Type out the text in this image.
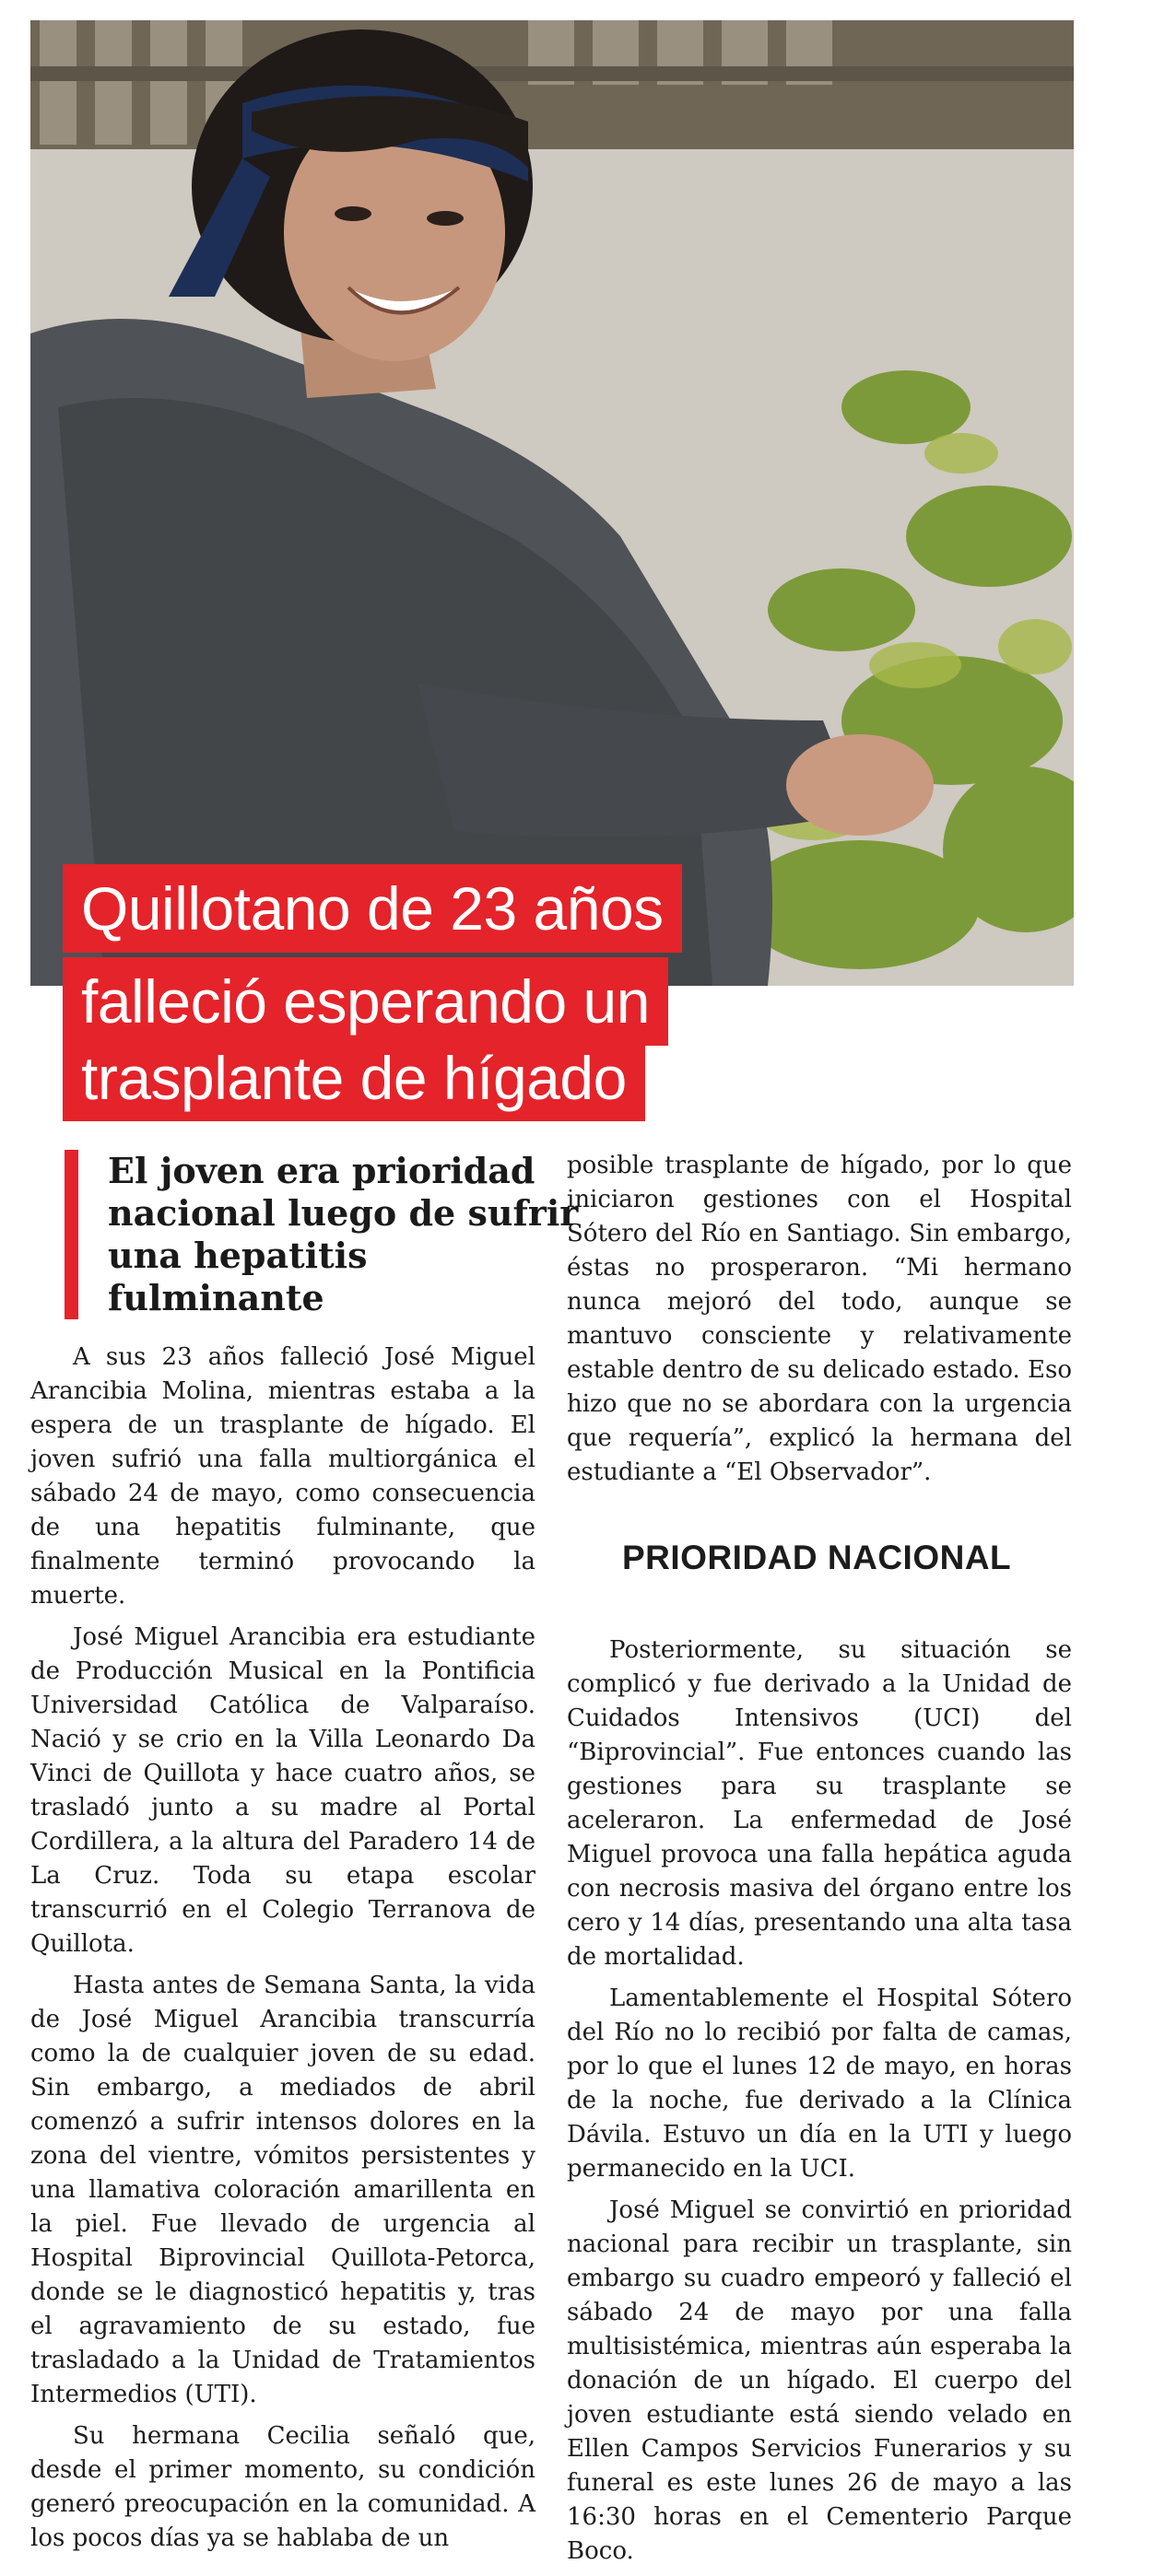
Quillotano de 23 años
falleció esperando un
trasplante de hígado
El joven era prioridad nacional luego de sufrir una hepatitis fulminante

A sus 23 años falleció José Miguel Arancibia Molina, mientras estaba a la espera de un trasplante de hígado. El joven sufrió una falla multiorgánica el sábado 24 de mayo, como consecuencia de una hepatitis fulminante, que finalmente terminó provocando la muerte.

José Miguel Arancibia era estudiante de Producción Musical en la Pontificia Universidad Católica de Valparaíso. Nació y se crio en la Villa Leonardo Da Vinci de Quillota y hace cuatro años, se trasladó junto a su madre al Portal Cordillera, a la altura del Paradero 14 de La Cruz. Toda su etapa escolar transcurrió en el Colegio Terranova de Quillota.

Hasta antes de Semana Santa, la vida de José Miguel Arancibia transcurría como la de cualquier joven de su edad. Sin embargo, a mediados de abril comenzó a sufrir intensos dolores en la zona del vientre, vómitos persistentes y una llamativa coloración amarillenta en la piel. Fue llevado de urgencia al Hospital Biprovincial Quillota-Petorca, donde se le diagnosticó hepatitis y, tras el agravamiento de su estado, fue trasladado a la Unidad de Tratamientos Intermedios (UTI).

Su hermana Cecilia señaló que, desde el primer momento, su condición generó preocupación en la comunidad. A los pocos días ya se hablaba de un

posible trasplante de hígado, por lo que iniciaron gestiones con el Hospital Sótero del Río en Santiago. Sin embargo, éstas no prosperaron. “Mi hermano nunca mejoró del todo, aunque se mantuvo consciente y relativamente estable dentro de su delicado estado. Eso hizo que no se abordara con la urgencia que requería”, explicó la hermana del estudiante a “El Observador”.

PRIORIDAD NACIONAL

Posteriormente, su situación se complicó y fue derivado a la Unidad de Cuidados Intensivos (UCI) del “Biprovincial”. Fue entonces cuando las gestiones para su trasplante se aceleraron. La enfermedad de José Miguel provoca una falla hepática aguda con necrosis masiva del órgano entre los cero y 14 días, presentando una alta tasa de mortalidad.

Lamentablemente el Hospital Sótero del Río no lo recibió por falta de camas, por lo que el lunes 12 de mayo, en horas de la noche, fue derivado a la Clínica Dávila. Estuvo un día en la UTI y luego permanecido en la UCI.

José Miguel se convirtió en prioridad nacional para recibir un trasplante, sin embargo su cuadro empeoró y falleció el sábado 24 de mayo por una falla multisistémica, mientras aún esperaba la donación de un hígado. El cuerpo del joven estudiante está siendo velado en Ellen Campos Servicios Funerarios y su funeral es este lunes 26 de mayo a las 16:30 horas en el Cementerio Parque Boco.
